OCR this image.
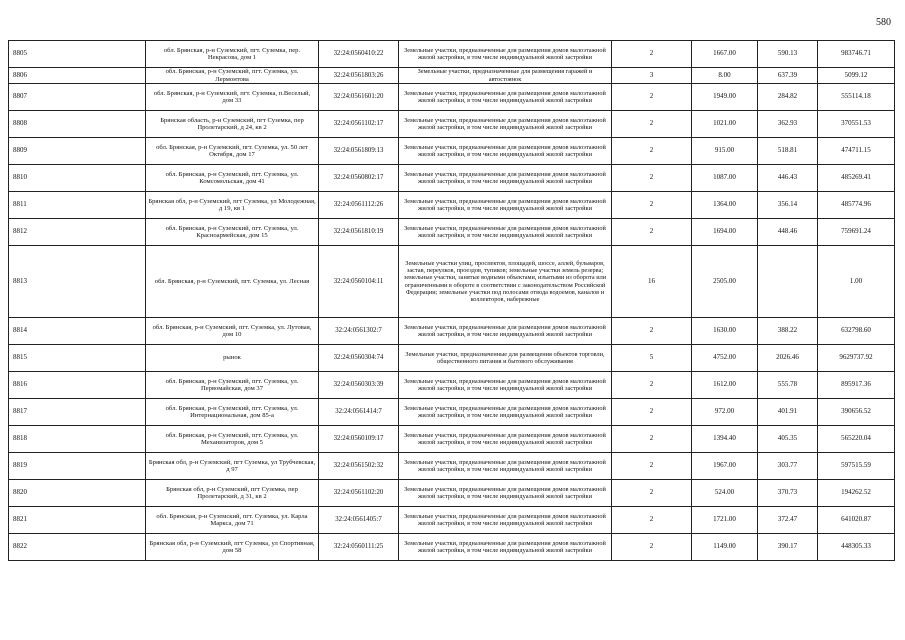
580
8805	обл. Брянская, р-н Суземский, пгт. Суземка, пер. Некрасова, дом 1	32:24:0560410:22	Земельные участки, предназначенные для размещения домов малоэтажной жилой застройки, в том числе индивидуальной жилой застройки	2	1667.00	590.13	983746.71
8806	обл. Брянская, р-н Суземский, пгт. Суземка, ул. Лермонтова	32:24:0561803:26	Земельные участки, предназначенные для размещения гаражей и автостоянок	3	8.00	637.39	5099.12
8807	обл. Брянская, р-н Суземский, пгт. Суземка, п.Веселый, дом 33	32:24:0561601:20	Земельные участки, предназначенные для размещения домов малоэтажной жилой застройки, в том числе индивидуальной жилой застройки	2	1949.00	284.82	555114.18
8808	Брянская область, р-н Суземский, пгт Суземка, пер Пролетарский, д 24, кв 2	32:24:0561102:17	Земельные участки, предназначенные для размещения домов малоэтажной жилой застройки, в том числе индивидуальной жилой застройки	2	1021.00	362.93	370551.53
8809	обл. Брянская, р-н Суземский, пгт. Суземка, ул. 50 лет Октября, дом 17	32:24:0561809:13	Земельные участки, предназначенные для размещения домов малоэтажной жилой застройки, в том числе индивидуальной жилой застройки	2	915.00	518.81	474711.15
8810	обл. Брянская, р-н Суземский, пгт. Суземка, ул. Комсомольская, дом 41	32:24:0560802:17	Земельные участки, предназначенные для размещения домов малоэтажной жилой застройки, в том числе индивидуальной жилой застройки	2	1087.00	446.43	485269.41
8811	Брянская обл, р-н Суземский, пгт Суземка, ул Молодежная, д 19, кв 1	32:24:0561112:26	Земельные участки, предназначенные для размещения домов малоэтажной жилой застройки, в том числе индивидуальной жилой застройки	2	1364.00	356.14	485774.96
8812	обл. Брянская, р-н Суземский, пгт. Суземка, ул. Красноармейская, дом 15	32:24:0561810:19	Земельные участки, предназначенные для размещения домов малоэтажной жилой застройки, в том числе индивидуальной жилой застройки	2	1694.00	448.46	759691.24
8813	обл. Брянская, р-н Суземский, пгт. Суземка, ул. Лесная	32:24:0560104:11	Земельные участки улиц, проспектов, площадей, шоссе, аллей, бульваров, застав, переулков, проездов, тупиков; земельные участки земель резерва; земельные участки, занятые водными объектами, изъятыми из оборота или ограниченными в обороте в соответствии с законодательством Российской Федерации; земельные участки под полосами отвода водоемов, каналов и коллекторов, набережные	16	2505.00		1.00
8814	обл. Брянская, р-н Суземский, пгт. Суземка, ул. Лутовая, дом 10	32:24:0561302:7	Земельные участки, предназначенные для размещения домов малоэтажной жилой застройки, в том числе индивидуальной жилой застройки	2	1630.00	388.22	632798.60
8815	рынок	32:24:0560304:74	Земельные участки, предназначенные для размещения объектов торговли, общественного питания и бытового обслуживания	5	4752.00	2026.46	9629737.92
8816	обл. Брянская, р-н Суземский, пгт. Суземка, ул. Первомайская, дом 37	32:24:0560303:39	Земельные участки, предназначенные для размещения домов малоэтажной жилой застройки, в том числе индивидуальной жилой застройки	2	1612.00	555.78	895917.36
8817	обл. Брянская, р-н Суземский, пгт. Суземка, ул. Интернациональная, дом 85-а	32:24:0561414:7	Земельные участки, предназначенные для размещения домов малоэтажной жилой застройки, в том числе индивидуальной жилой застройки	2	972.00	401.91	390656.52
8818	обл. Брянская, р-н Суземский, пгт. Суземка, ул. Механизаторов, дом 5	32:24:0560109:17	Земельные участки, предназначенные для размещения домов малоэтажной жилой застройки, в том числе индивидуальной жилой застройки	2	1394.40	405.35	565220.04
8819	Брянская обл, р-н Суземский, пгт Суземка, ул Трубчевская, д 97	32:24:0561502:32	Земельные участки, предназначенные для размещения домов малоэтажной жилой застройки, в том числе индивидуальной жилой застройки	2	1967.00	303.77	597515.59
8820	Брянская обл, р-н Суземский, пгт Суземка, пер Пролетарский, д 31, кв 2	32:24:0561102:20	Земельные участки, предназначенные для размещения домов малоэтажной жилой застройки, в том числе индивидуальной жилой застройки	2	524.00	370.73	194262.52
8821	обл. Брянская, р-н Суземский, пгт. Суземка, ул. Карла Маркса, дом 71	32:24:0561405:7	Земельные участки, предназначенные для размещения домов малоэтажной жилой застройки, в том числе индивидуальной жилой застройки	2	1721.00	372.47	641020.87
8822	Брянская обл, р-н Суземский, пгт Суземка, ул Спортивная, дом 58	32:24:0560111:25	Земельные участки, предназначенные для размещения домов малоэтажной жилой застройки, в том числе индивидуальной жилой застройки	2	1149.00	390.17	448305.33
